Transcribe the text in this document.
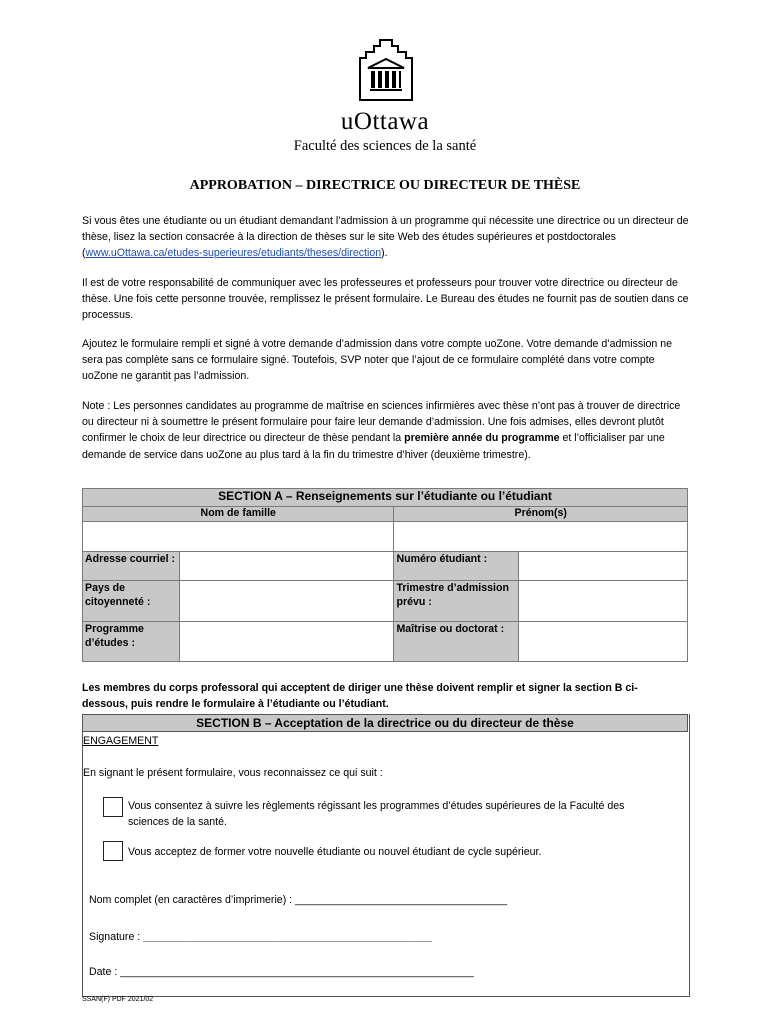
uOttawa
Faculté des sciences de la santé
APPROBATION – DIRECTRICE OU DIRECTEUR DE THÈSE
Si vous êtes une étudiante ou un étudiant demandant l’admission à un programme qui nécessite une directrice ou un directeur de thèse, lisez la section consacrée à la direction de thèses sur le site Web des études supérieures et postdoctorales (www.uOttawa.ca/etudes-superieures/etudiants/theses/direction).
Il est de votre responsabilité de communiquer avec les professeures et professeurs pour trouver votre directrice ou directeur de thèse. Une fois cette personne trouvée, remplissez le présent formulaire. Le Bureau des études ne fournit pas de soutien dans ce processus.
Ajoutez le formulaire rempli et signé à votre demande d’admission dans votre compte uoZone. Votre demande d’admission ne sera pas complète sans ce formulaire signé. Toutefois, SVP noter que l’ajout de ce formulaire complété dans votre compte uoZone ne garantit pas l’admission.
Note : Les personnes candidates au programme de maîtrise en sciences infirmières avec thèse n’ont pas à trouver de directrice ou directeur ni à soumettre le présent formulaire pour faire leur demande d’admission. Une fois admises, elles devront plutôt confirmer le choix de leur directrice ou directeur de thèse pendant la première année du programme et l’officialiser par une demande de service dans uoZone au plus tard à la fin du trimestre d’hiver (deuxième trimestre).
SECTION A – Renseignements sur l’étudiante ou l’étudiant			
Nom de famille		Prénom(s)	

Adresse courriel :		Numéro étudiant :	
Pays de citoyenneté :		Trimestre d’admission prévu :	
Programme d’études :		Maîtrise ou doctorat :	
Les membres du corps professoral qui acceptent de diriger une thèse doivent remplir et signer la section B ci-dessous, puis rendre le formulaire à l’étudiante ou l’étudiant.
SECTION B – Acceptation de la directrice ou du directeur de thèse
ENGAGEMENT
En signant le présent formulaire, vous reconnaissez ce qui suit :
Vous consentez à suivre les règlements régissant les programmes d’études supérieures de la Faculté des sciences de la santé.
Vous acceptez de former votre nouvelle étudiante ou nouvel étudiant de cycle supérieur.
Nom complet (en caractères d’imprimerie) : ____________________________________
Signature : _________________________________________________
Date : ____________________________________________________________
SSAN(F) PDF 2021/02
